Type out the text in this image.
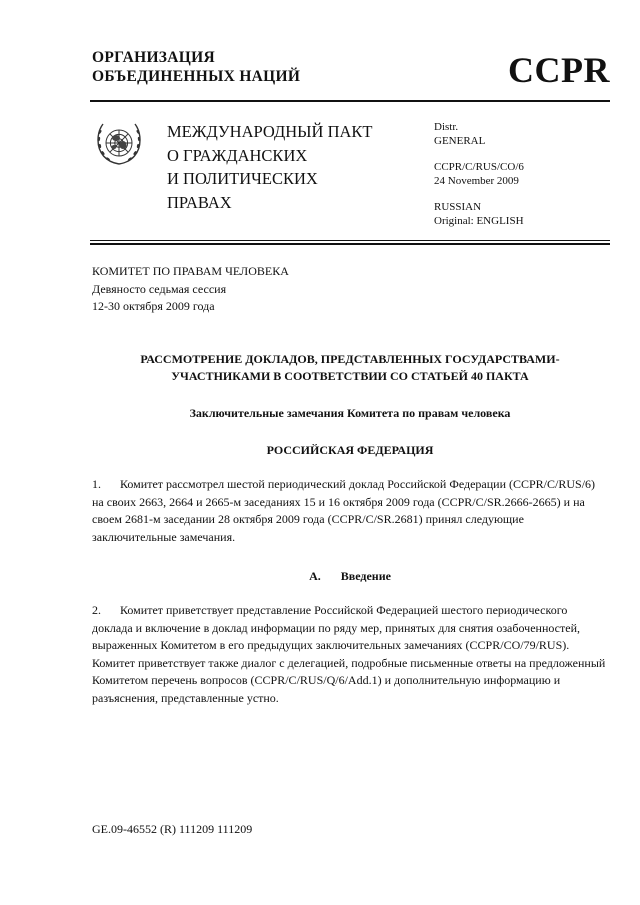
ОРГАНИЗАЦИЯ
ОБЪЕДИНЕННЫХ НАЦИЙ	CCPR
МЕЖДУНАРОДНЫЙ ПАКТ
О ГРАЖДАНСКИХ
И ПОЛИТИЧЕСКИХ
ПРАВАХ
Distr.
GENERAL
CCPR/C/RUS/CO/6
24 November 2009
RUSSIAN
Original: ENGLISH
КОМИТЕТ ПО ПРАВАМ ЧЕЛОВЕКА
Девяносто седьмая сессия
12-30 октября 2009 года
РАССМОТРЕНИЕ ДОКЛАДОВ, ПРЕДСТАВЛЕННЫХ ГОСУДАРСТВАМИ-
УЧАСТНИКАМИ В СООТВЕТСТВИИ СО СТАТЬЕЙ 40 ПАКТА
Заключительные замечания Комитета по правам человека
РОССИЙСКАЯ ФЕДЕРАЦИЯ
1. Комитет рассмотрел шестой периодический доклад Российской Федерации (CCPR/C/RUS/6) на своих 2663, 2664 и 2665-м заседаниях 15 и 16 октября 2009 года (CCPR/C/SR.2666-2665) и на своем 2681-м заседании 28 октября 2009 года (CCPR/C/SR.2681) принял следующие заключительные замечания.
A. Введение
2. Комитет приветствует представление Российской Федерацией шестого периодического доклада и включение в доклад информации по ряду мер, принятых для снятия озабоченностей, выраженных Комитетом в его предыдущих заключительных замечаниях (CCPR/CO/79/RUS). Комитет приветствует также диалог с делегацией, подробные письменные ответы на предложенный Комитетом перечень вопросов (CCPR/C/RUS/Q/6/Add.1) и дополнительную информацию и разъяснения, представленные устно.
GE.09-46552 (R) 111209 111209
